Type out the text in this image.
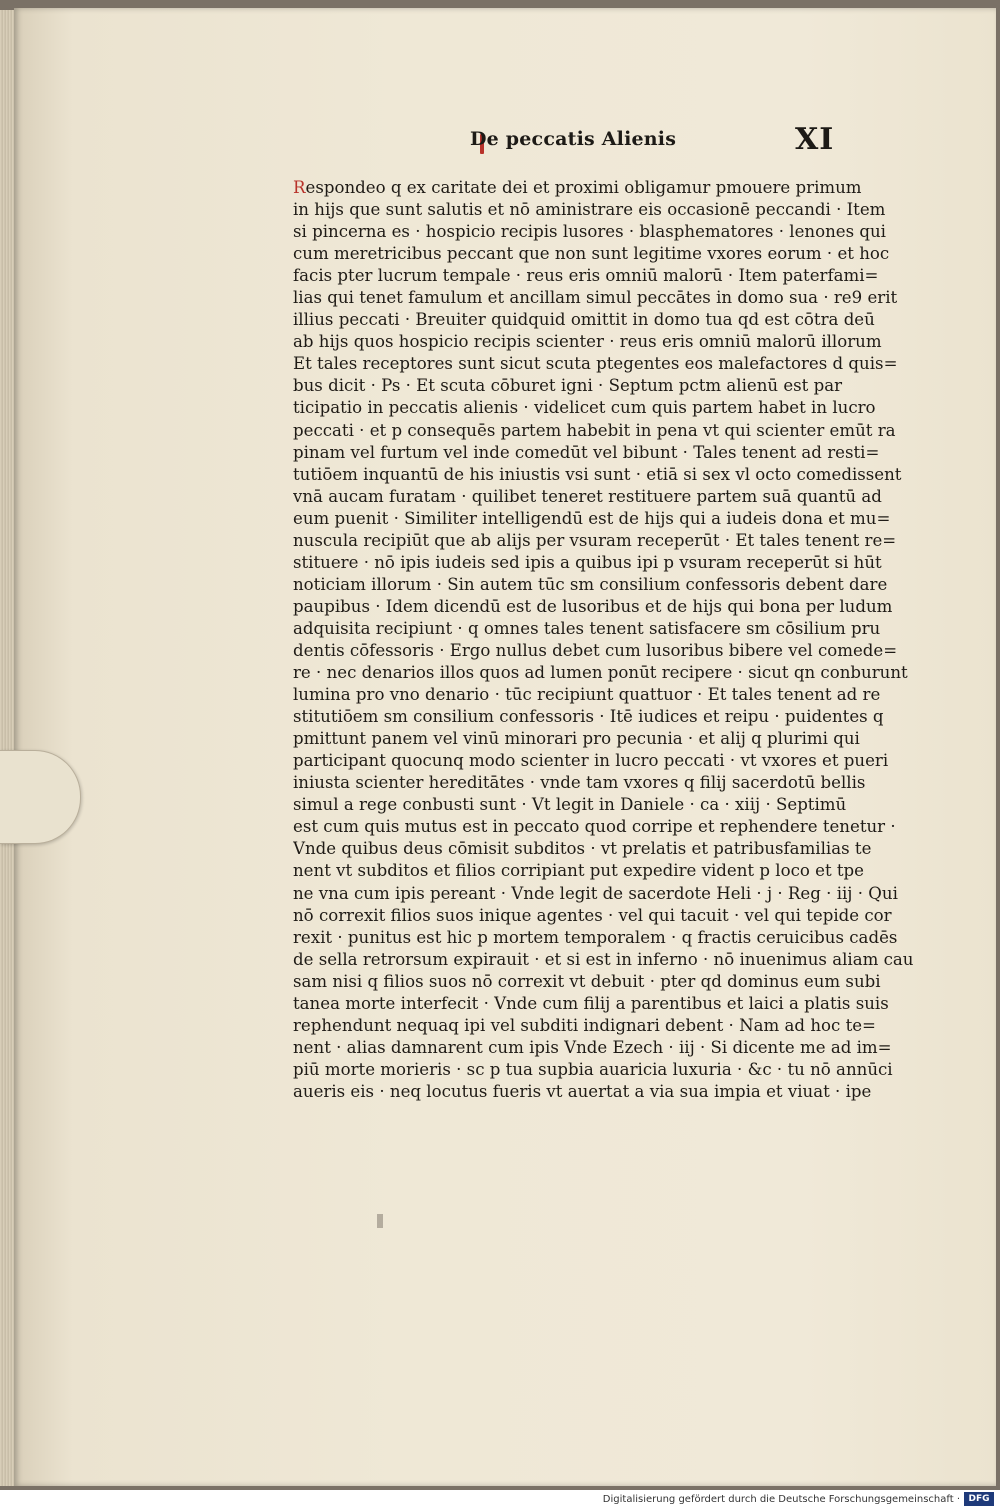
De peccatis Alienis	XI
Respondeo q ex caritate dei et proximi obligamur pmouere primum
in hijs que sunt salutis et nō aministrare eis occasionē peccandi · Item
si pincerna es · hospicio recipis lusores · blasphematores · lenones qui
cum meretricibus peccant que non sunt legitime vxores eorum · et hoc
facis pter lucrum tempale · reus eris omniū malorū · Item paterfami=
lias qui tenet famulum et ancillam simul peccātes in domo sua · re9 erit
illius peccati · Breuiter quidquid omittit in domo tua qd est cōtra deū
ab hijs quos hospicio recipis scienter · reus eris omniū malorū illorum
Et tales receptores sunt sicut scuta ptegentes eos malefactores d quis=
bus dicit · Ps · Et scuta cōburet igni · Septum pctm alienū est par
ticipatio in peccatis alienis · videlicet cum quis partem habet in lucro
peccati · et p consequēs partem habebit in pena vt qui scienter emūt ra
pinam vel furtum vel inde comedūt vel bibunt · Tales tenent ad resti=
tutiōem inquantū de his iniustis vsi sunt · etiā si sex vl octo comedissent
vnā aucam furatam · quilibet teneret restituere partem suā quantū ad
eum puenit · Similiter intelligendū est de hijs qui a iudeis dona et mu=
nuscula recipiūt que ab alijs per vsuram receperūt · Et tales tenent re=
stituere · nō ipis iudeis sed ipis a quibus ipi p vsuram receperūt si hūt
noticiam illorum · Sin autem tūc sm consilium confessoris debent dare
paupibus · Idem dicendū est de lusoribus et de hijs qui bona per ludum
adquisita recipiunt · q omnes tales tenent satisfacere sm cōsilium pru
dentis cōfessoris · Ergo nullus debet cum lusoribus bibere vel comede=
re · nec denarios illos quos ad lumen ponūt recipere · sicut qn conburunt
lumina pro vno denario · tūc recipiunt quattuor · Et tales tenent ad re
stitutiōem sm consilium confessoris · Itē iudices et reipu · puidentes q
pmittunt panem vel vinū minorari pro pecunia · et alij q plurimi qui
participant quocunq modo scienter in lucro peccati · vt vxores et pueri
iniusta scienter hereditātes · vnde tam vxores q filij sacerdotū bellis
simul a rege conbusti sunt · Vt legit in Daniele · ca · xiij · Septimū
est cum quis mutus est in peccato quod corripe et rephendere tenetur ·
Vnde quibus deus cōmisit subditos · vt prelatis et patribusfamilias te
nent vt subditos et filios corripiant put expedire vident p loco et tpe
ne vna cum ipis pereant · Vnde legit de sacerdote Heli · j · Reg · iij · Qui
nō correxit filios suos inique agentes · vel qui tacuit · vel qui tepide cor
rexit · punitus est hic p mortem temporalem · q fractis ceruicibus cadēs
de sella retrorsum expirauit · et si est in inferno · nō inuenimus aliam cau
sam nisi q filios suos nō correxit vt debuit · pter qd dominus eum subi
tanea morte interfecit · Vnde cum filij a parentibus et laici a platis suis
rephendunt nequaq ipi vel subditi indignari debent · Nam ad hoc te=
nent · alias damnarent cum ipis Vnde Ezech · iij · Si dicente me ad im=
piū morte morieris · sc p tua supbia auaricia luxuria · &c · tu nō annūci
aueris eis · neq locutus fueris vt auertat a via sua impia et viuat · ipe
Digitalisierung gefördert durch die Deutsche Forschungsgemeinschaft · DFG
